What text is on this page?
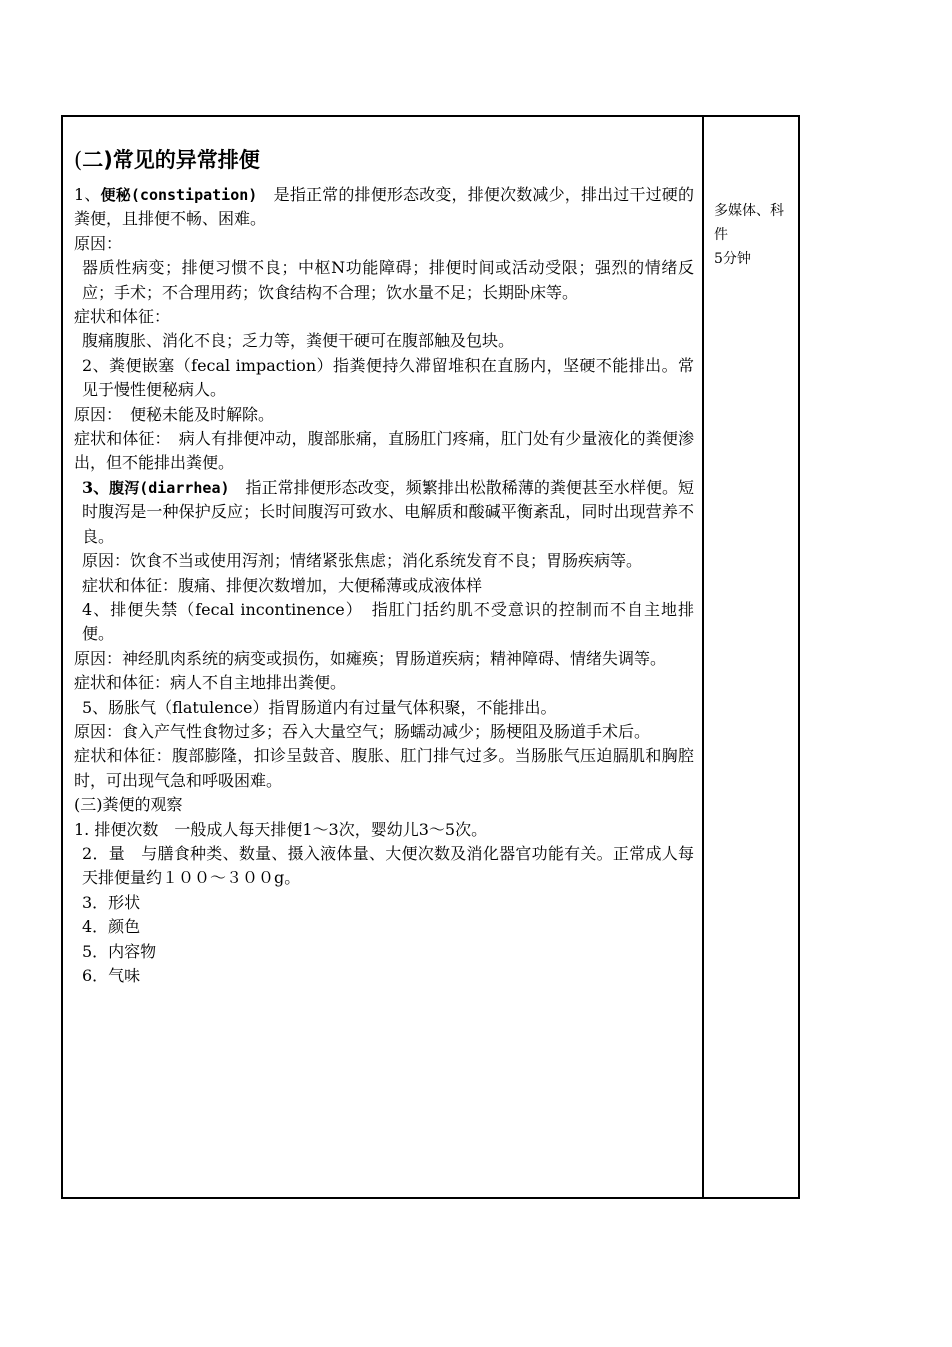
(二)常见的异常排便
1、便秘(constipation)　是指正常的排便形态改变，排便次数减少，排出过干过硬的粪便，且排便不畅、困难。
原因：
器质性病变；排便习惯不良；中枢N功能障碍；排便时间或活动受限；强烈的情绪反应；手术；不合理用药；饮食结构不合理；饮水量不足；长期卧床等。
症状和体征：
腹痛腹胀、消化不良；乏力等，粪便干硬可在腹部触及包块。
2、粪便嵌塞（fecal impaction）指粪便持久滞留堆积在直肠内，坚硬不能排出。常见于慢性便秘病人。
原因：　便秘未能及时解除。
症状和体征：　病人有排便冲动，腹部胀痛，直肠肛门疼痛，肛门处有少量液化的粪便渗出，但不能排出粪便。
3、腹泻(diarrhea)　指正常排便形态改变，频繁排出松散稀薄的粪便甚至水样便。短时腹泻是一种保护反应；长时间腹泻可致水、电解质和酸碱平衡紊乱，同时出现营养不良。
原因：饮食不当或使用泻剂；情绪紧张焦虑；消化系统发育不良；胃肠疾病等。
症状和体征：腹痛、排便次数增加，大便稀薄或成液体样
4、排便失禁（fecal incontinence）　指肛门括约肌不受意识的控制而不自主地排便。
原因：神经肌肉系统的病变或损伤，如瘫痪；胃肠道疾病；精神障碍、情绪失调等。
症状和体征：病人不自主地排出粪便。
5、肠胀气（flatulence）指胃肠道内有过量气体积聚，不能排出。
原因：食入产气性食物过多；吞入大量空气；肠蠕动减少；肠梗阻及肠道手术后。
症状和体征：腹部膨隆，扣诊呈鼓音、腹胀、肛门排气过多。当肠胀气压迫膈肌和胸腔时，可出现气急和呼吸困难。
(三)粪便的观察
1. 排便次数　一般成人每天排便1～3次，婴幼儿3～5次。
2．量　与膳食种类、数量、摄入液体量、大便次数及消化器官功能有关。正常成人每天排便量约１００～３００g。
3．形状
4．颜色
5．内容物
6．气味
多媒体、科件
5分钟
